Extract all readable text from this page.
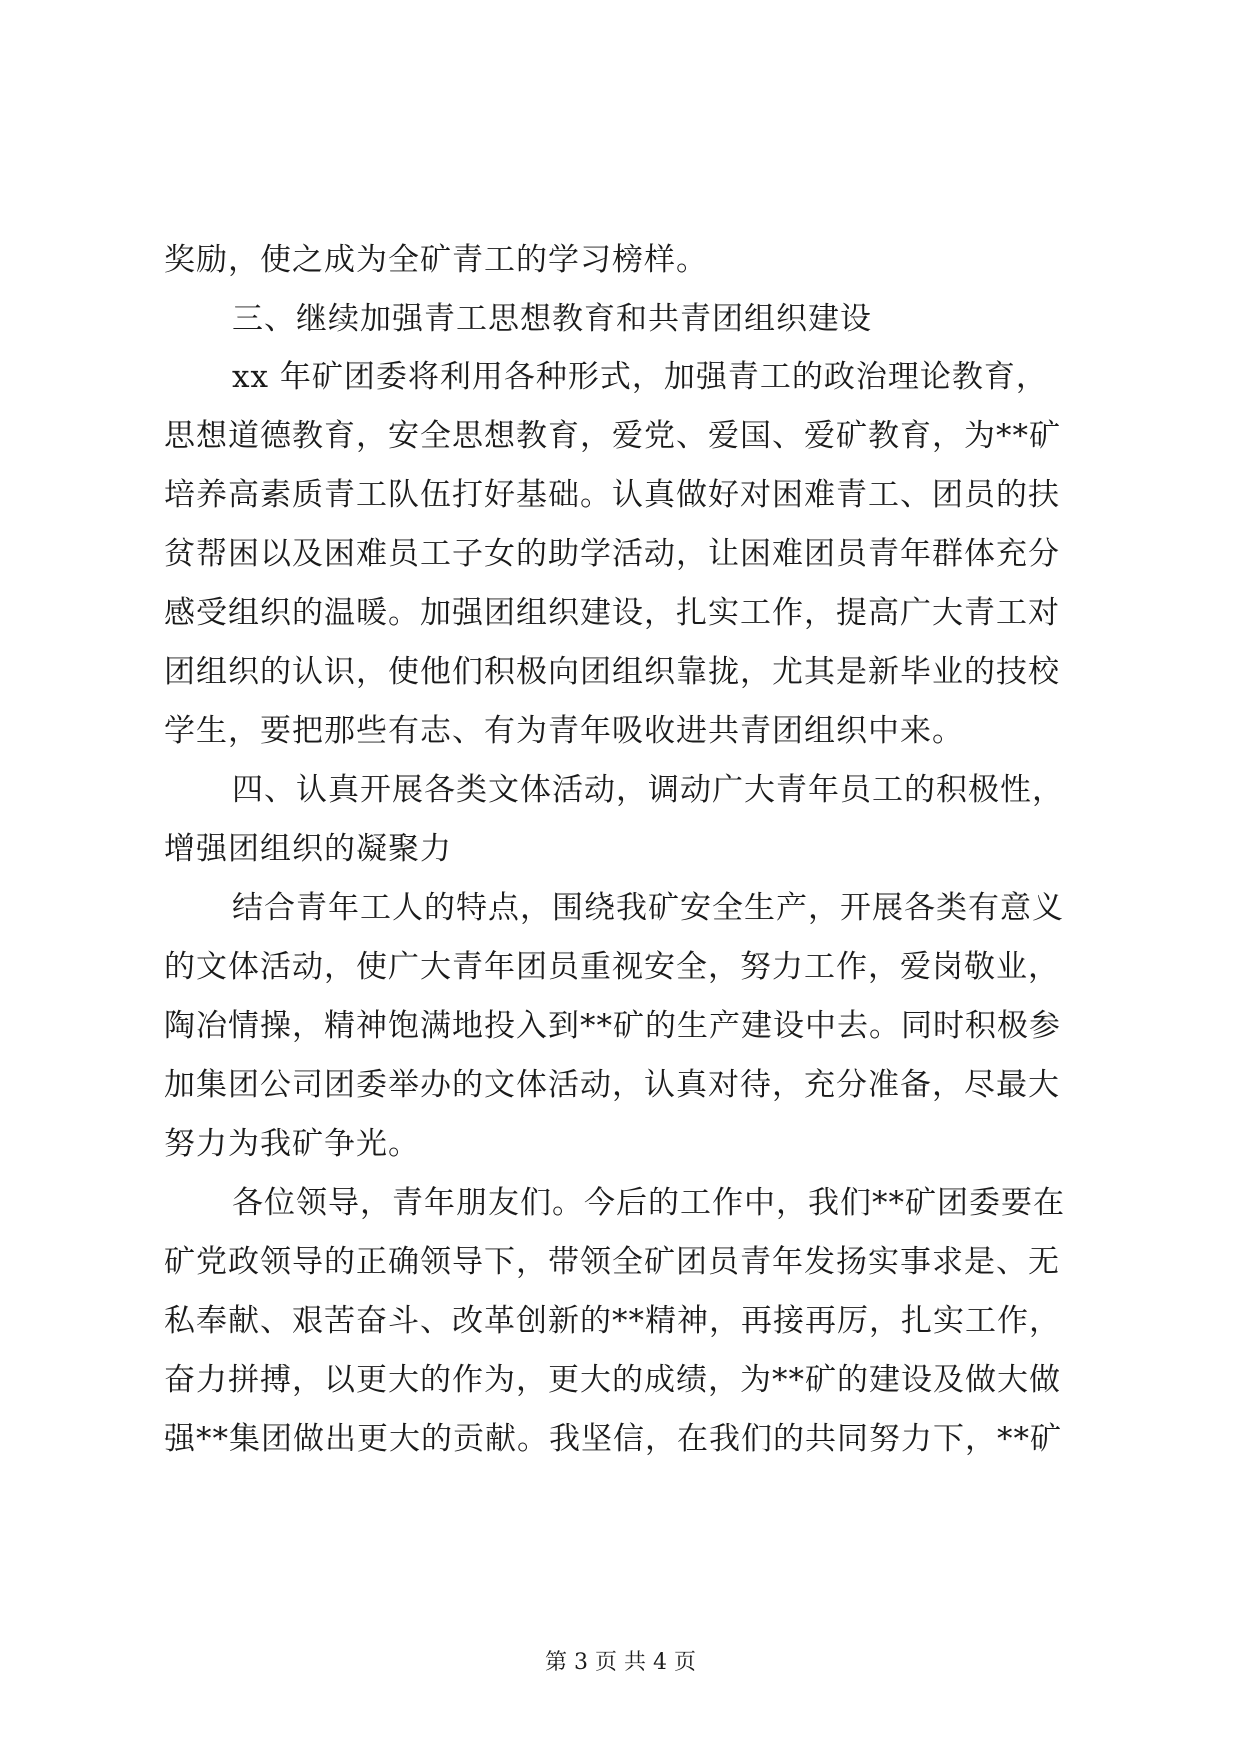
奖励，使之成为全矿青工的学习榜样。
三、继续加强青工思想教育和共青团组织建设
xx 年矿团委将利用各种形式，加强青工的政治理论教育，
思想道德教育，安全思想教育，爱党、爱国、爱矿教育，为**矿
培养高素质青工队伍打好基础。认真做好对困难青工、团员的扶
贫帮困以及困难员工子女的助学活动，让困难团员青年群体充分
感受组织的温暖。加强团组织建设，扎实工作，提高广大青工对
团组织的认识，使他们积极向团组织靠拢，尤其是新毕业的技校
学生，要把那些有志、有为青年吸收进共青团组织中来。
四、认真开展各类文体活动，调动广大青年员工的积极性，
增强团组织的凝聚力
结合青年工人的特点，围绕我矿安全生产，开展各类有意义
的文体活动，使广大青年团员重视安全，努力工作，爱岗敬业，
陶冶情操，精神饱满地投入到**矿的生产建设中去。同时积极参
加集团公司团委举办的文体活动，认真对待，充分准备，尽最大
努力为我矿争光。
各位领导，青年朋友们。今后的工作中，我们**矿团委要在
矿党政领导的正确领导下，带领全矿团员青年发扬实事求是、无
私奉献、艰苦奋斗、改革创新的**精神，再接再厉，扎实工作，
奋力拼搏，以更大的作为，更大的成绩，为**矿的建设及做大做
强**集团做出更大的贡献。我坚信，在我们的共同努力下，**矿
第 3 页 共 4 页
